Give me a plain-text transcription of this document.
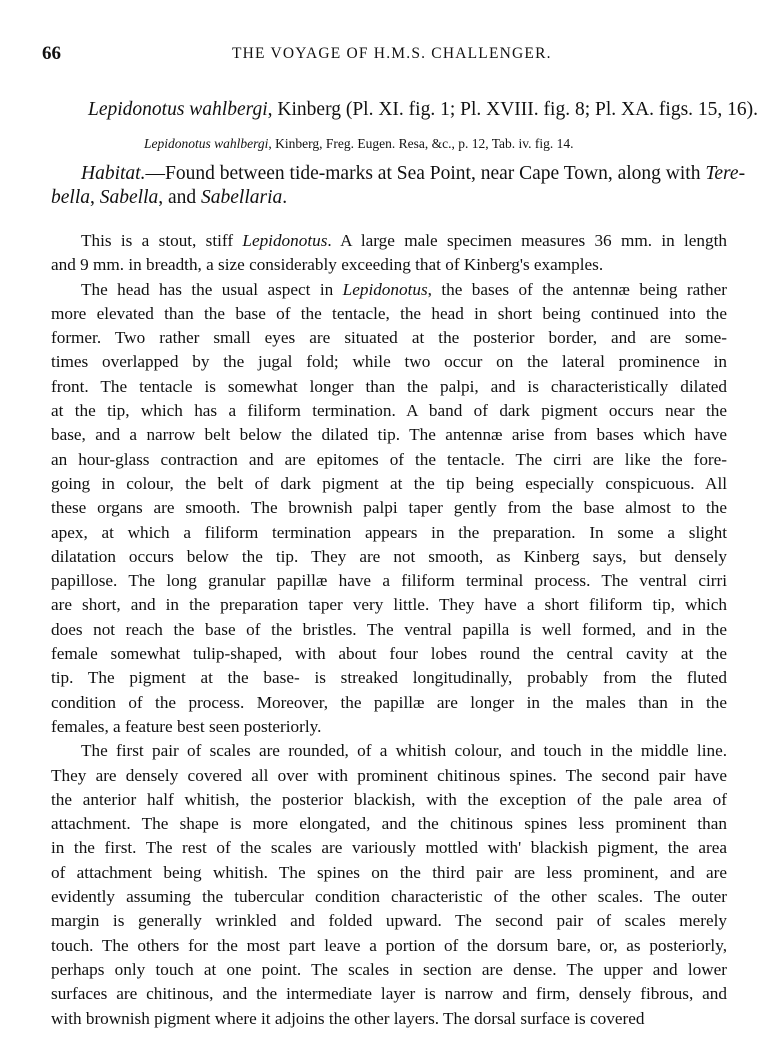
66	THE VOYAGE OF H.M.S. CHALLENGER.
Lepidonotus wahlbergi, Kinberg (Pl. XI. fig. 1; Pl. XVIII. fig. 8; Pl. XA. figs. 15, 16).
Lepidonotus wahlbergi, Kinberg, Freg. Eugen. Resa, &c., p. 12, Tab. iv. fig. 14.
Habitat.—Found between tide-marks at Sea Point, near Cape Town, along with Tere-
bella, Sabella, and Sabellaria.
This is a stout, stiff Lepidonotus. A large male specimen measures 36 mm. in length
and 9 mm. in breadth, a size considerably exceeding that of Kinberg's examples.
The head has the usual aspect in Lepidonotus, the bases of the antennæ being rather
more elevated than the base of the tentacle, the head in short being continued into the
former. Two rather small eyes are situated at the posterior border, and are some-
times overlapped by the jugal fold; while two occur on the lateral prominence in
front. The tentacle is somewhat longer than the palpi, and is characteristically dilated
at the tip, which has a filiform termination. A band of dark pigment occurs near the
base, and a narrow belt below the dilated tip. The antennæ arise from bases which have
an hour-glass contraction and are epitomes of the tentacle. The cirri are like the fore-
going in colour, the belt of dark pigment at the tip being especially conspicuous. All
these organs are smooth. The brownish palpi taper gently from the base almost to the
apex, at which a filiform termination appears in the preparation. In some a slight
dilatation occurs below the tip. They are not smooth, as Kinberg says, but densely
papillose. The long granular papillæ have a filiform terminal process. The ventral cirri
are short, and in the preparation taper very little. They have a short filiform tip, which
does not reach the base of the bristles. The ventral papilla is well formed, and in the
female somewhat tulip-shaped, with about four lobes round the central cavity at the
tip. The pigment at the base- is streaked longitudinally, probably from the fluted
condition of the process. Moreover, the papillæ are longer in the males than in the
females, a feature best seen posteriorly.
The first pair of scales are rounded, of a whitish colour, and touch in the middle line.
They are densely covered all over with prominent chitinous spines. The second pair have
the anterior half whitish, the posterior blackish, with the exception of the pale area of
attachment. The shape is more elongated, and the chitinous spines less prominent than
in the first. The rest of the scales are variously mottled with' blackish pigment, the area
of attachment being whitish. The spines on the third pair are less prominent, and are
evidently assuming the tubercular condition characteristic of the other scales. The outer
margin is generally wrinkled and folded upward. The second pair of scales merely
touch. The others for the most part leave a portion of the dorsum bare, or, as posteriorly,
perhaps only touch at one point. The scales in section are dense. The upper and lower
surfaces are chitinous, and the intermediate layer is narrow and firm, densely fibrous, and
with brownish pigment where it adjoins the other layers. The dorsal surface is covered
